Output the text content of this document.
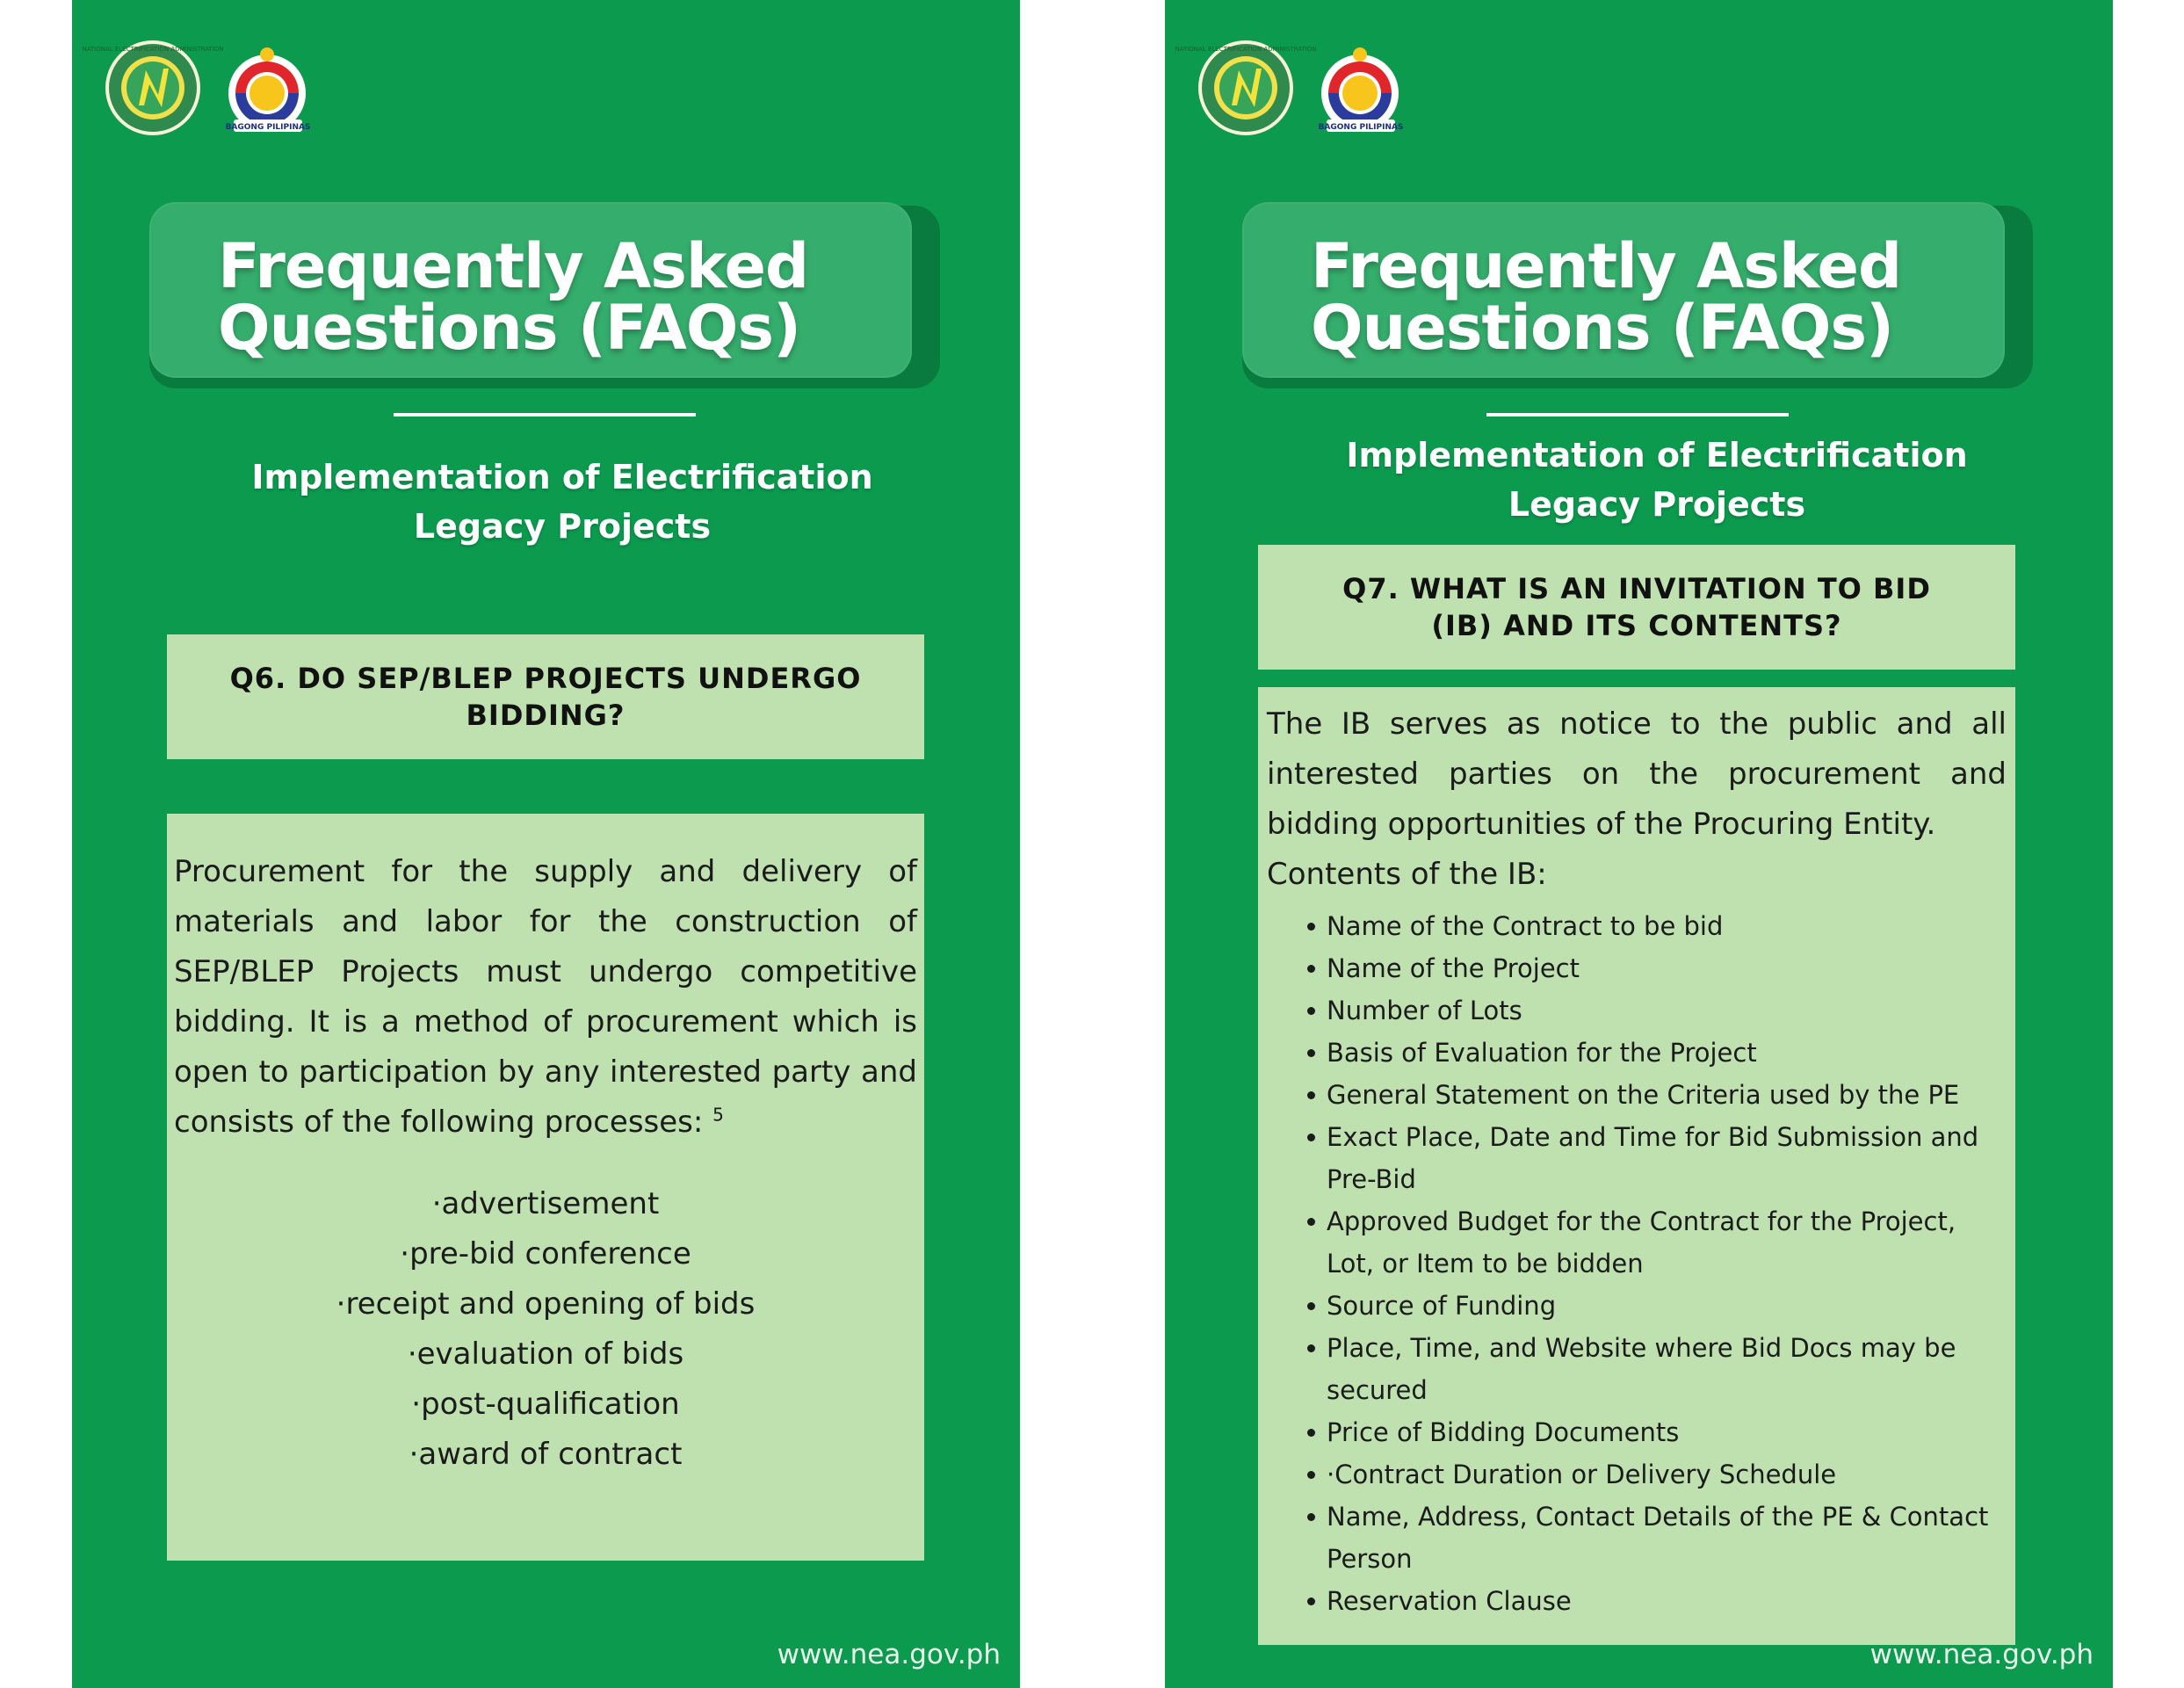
NATIONAL ELECTRIFICATION ADMINISTRATION
BAGONG PILIPINAS
Frequently Asked
Questions (FAQs)
Implementation of Electrification
Legacy Projects
Q6. DO SEP/BLEP PROJECTS UNDERGO BIDDING?
Procurement for the supply and delivery of materials and labor for the construction of SEP/BLEP Projects must undergo competitive bidding. It is a method of procurement which is open to participation by any interested party and consists of the following processes: $^5$
·advertisement
·pre-bid conference
·receipt and opening of bids
·evaluation of bids
·post-qualification
·award of contract
www.nea.gov.ph
NATIONAL ELECTRIFICATION ADMINISTRATION
BAGONG PILIPINAS
Frequently Asked
Questions (FAQs)
Implementation of Electrification
Legacy Projects
Q7. WHAT IS AN INVITATION TO BID (IB) AND ITS CONTENTS?
The IB serves as notice to the public and all interested parties on the procurement and bidding opportunities of the Procuring Entity.
Contents of the IB:
Name of the Contract to be bid
Name of the Project
Number of Lots
Basis of Evaluation for the Project
General Statement on the Criteria used by the PE
Exact Place, Date and Time for Bid Submission and Pre-Bid
Approved Budget for the Contract for the Project, Lot, or Item to be bidden
Source of Funding
Place, Time, and Website where Bid Docs may be secured
Price of Bidding Documents
·Contract Duration or Delivery Schedule
Name, Address, Contact Details of the PE & Contact Person
Reservation Clause
www.nea.gov.ph
